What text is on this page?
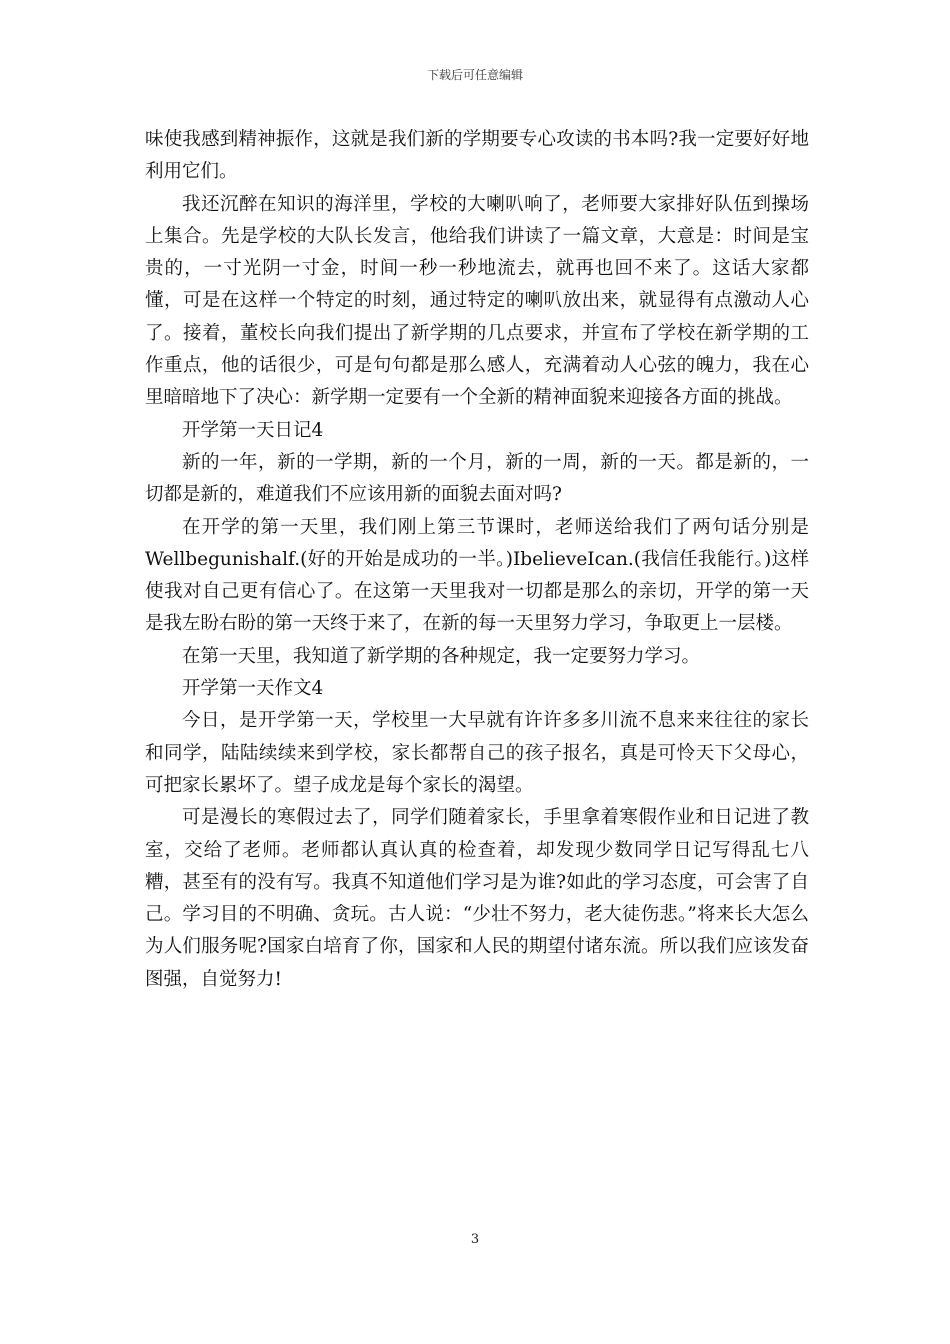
下载后可任意编辑

味使我感到精神振作，这就是我们新的学期要专心攻读的书本吗?我一定要好好地利用它们。

我还沉醉在知识的海洋里，学校的大喇叭响了，老师要大家排好队伍到操场上集合。先是学校的大队长发言，他给我们讲读了一篇文章，大意是：时间是宝贵的，一寸光阴一寸金，时间一秒一秒地流去，就再也回不来了。这话大家都懂，可是在这样一个特定的时刻，通过特定的喇叭放出来，就显得有点激动人心了。接着，董校长向我们提出了新学期的几点要求，并宣布了学校在新学期的工作重点，他的话很少，可是句句都是那么感人，充满着动人心弦的魄力，我在心里暗暗地下了决心：新学期一定要有一个全新的精神面貌来迎接各方面的挑战。

开学第一天日记4

新的一年，新的一学期，新的一个月，新的一周，新的一天。都是新的，一切都是新的，难道我们不应该用新的面貌去面对吗?

在开学的第一天里，我们刚上第三节课时，老师送给我们了两句话分别是Wellbegunishalf.(好的开始是成功的一半。)IbelieveIcan.(我信任我能行。)这样使我对自己更有信心了。在这第一天里我对一切都是那么的亲切，开学的第一天是我左盼右盼的第一天终于来了，在新的每一天里努力学习，争取更上一层楼。

在第一天里，我知道了新学期的各种规定，我一定要努力学习。

开学第一天作文4

今日，是开学第一天，学校里一大早就有许许多多川流不息来来往往的家长和同学，陆陆续续来到学校，家长都帮自己的孩子报名，真是可怜天下父母心，可把家长累坏了。望子成龙是每个家长的渴望。

可是漫长的寒假过去了，同学们随着家长，手里拿着寒假作业和日记进了教室，交给了老师。老师都认真认真的检查着，却发现少数同学日记写得乱七八糟，甚至有的没有写。我真不知道他们学习是为谁?如此的学习态度，可会害了自己。学习目的不明确、贪玩。古人说：“少壮不努力，老大徒伤悲。”将来长大怎么为人们服务呢?国家白培育了你，国家和人民的期望付诸东流。所以我们应该发奋图强，自觉努力!

3
